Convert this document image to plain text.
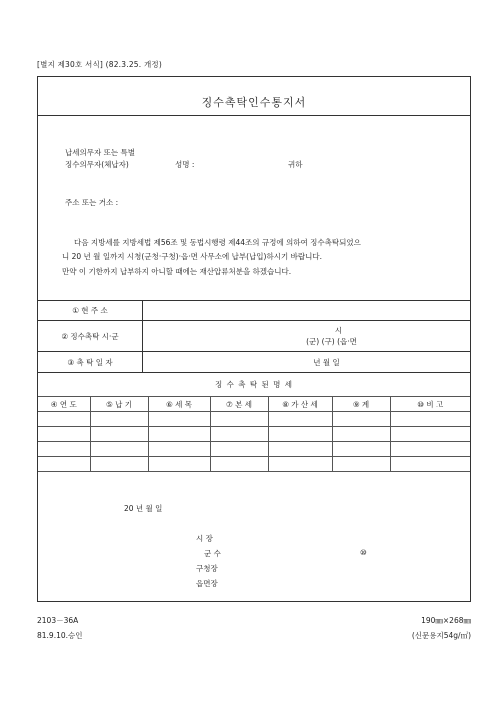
[별지 제30호 서식] (82.3.25. 개정)
납세의무자 또는 특별
징수의무자(체납자)	성명 :	귀하
주소 또는 거소 :
다음 지방세를 지방세법 제56조 및 동법시행령 제44조의 규정에 의하여 징수촉탁되었으
니 20 년 월 일까지 시청(군청·구청)·읍·면 사무소에 납부(납입)하시기 바랍니다.
만약 이 기한까지 납부하지 아니할 때에는 재산압류처분을 하겠습니다.
① 현 주 소	
② 징수촉탁 시·군	시
(군) (구) (읍·면

③ 촉 탁 일 자	년 월 일
징 수 촉 탁 된 명 세
④ 연 도	⑤ 납 기	⑥ 세 목	⑦ 본 세	⑧ 가 산 세	⑨ 계	⑩ 비 고

20 년 월 일
시 장
군 수
구청장
읍면장
⑩
2103－36A
81.9.10.승인
190㎜×268㎜
(신문용지54g/㎡)
징수촉탁인수통지서
